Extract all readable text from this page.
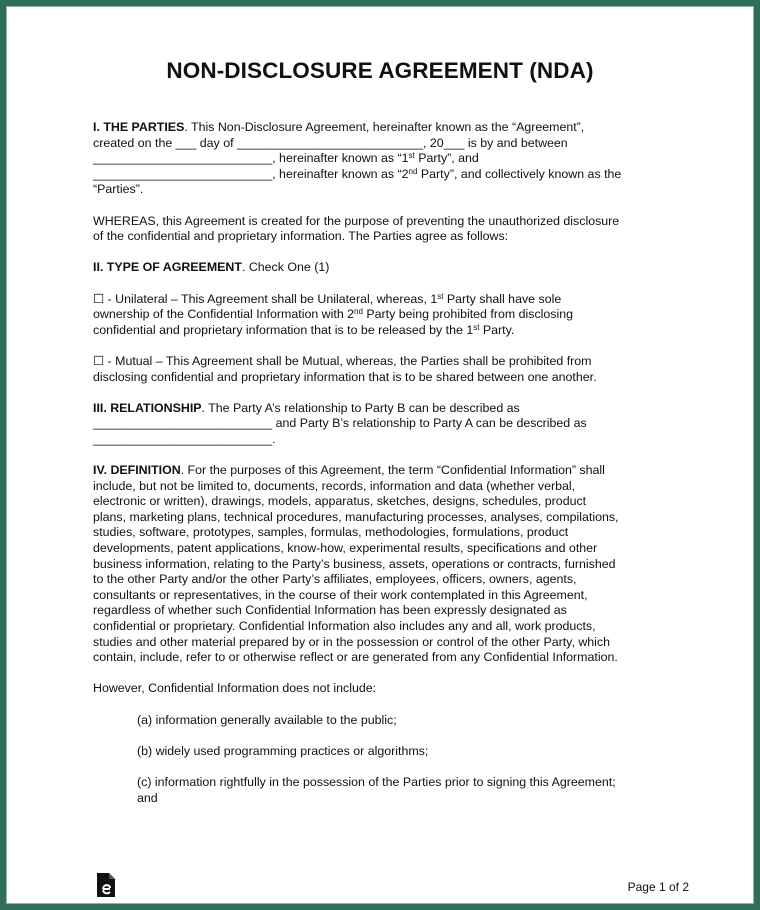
NON-DISCLOSURE AGREEMENT (NDA)

I. THE PARTIES. This Non-Disclosure Agreement, hereinafter known as the “Agreement”,

created on the ___ day of ___________________________, 20___ is by and between

__________________________, hereinafter known as “1st Party”, and

__________________________, hereinafter known as “2nd Party”, and collectively known as the

“Parties”.

WHEREAS, this Agreement is created for the purpose of preventing the unauthorized disclosure

of the confidential and proprietary information. The Parties agree as follows:

II. TYPE OF AGREEMENT. Check One (1)

☐ - Unilateral – This Agreement shall be Unilateral, whereas, 1st Party shall have sole

ownership of the Confidential Information with 2nd Party being prohibited from disclosing

confidential and proprietary information that is to be released by the 1st Party.

☐ - Mutual – This Agreement shall be Mutual, whereas, the Parties shall be prohibited from

disclosing confidential and proprietary information that is to be shared between one another.

III. RELATIONSHIP. The Party A’s relationship to Party B can be described as

__________________________ and Party B’s relationship to Party A can be described as

__________________________.

IV. DEFINITION. For the purposes of this Agreement, the term “Confidential Information” shall

include, but not be limited to, documents, records, information and data (whether verbal,

electronic or written), drawings, models, apparatus, sketches, designs, schedules, product

plans, marketing plans, technical procedures, manufacturing processes, analyses, compilations,

studies, software, prototypes, samples, formulas, methodologies, formulations, product

developments, patent applications, know-how, experimental results, specifications and other

business information, relating to the Party’s business, assets, operations or contracts, furnished

to the other Party and/or the other Party’s affiliates, employees, officers, owners, agents,

consultants or representatives, in the course of their work contemplated in this Agreement,

regardless of whether such Confidential Information has been expressly designated as

confidential or proprietary. Confidential Information also includes any and all, work products,

studies and other material prepared by or in the possession or control of the other Party, which

contain, include, refer to or otherwise reflect or are generated from any Confidential Information.

However, Confidential Information does not include:

(a) information generally available to the public;

(b) widely used programming practices or algorithms;

(c) information rightfully in the possession of the Parties prior to signing this Agreement;

and

Page 1 of 2
